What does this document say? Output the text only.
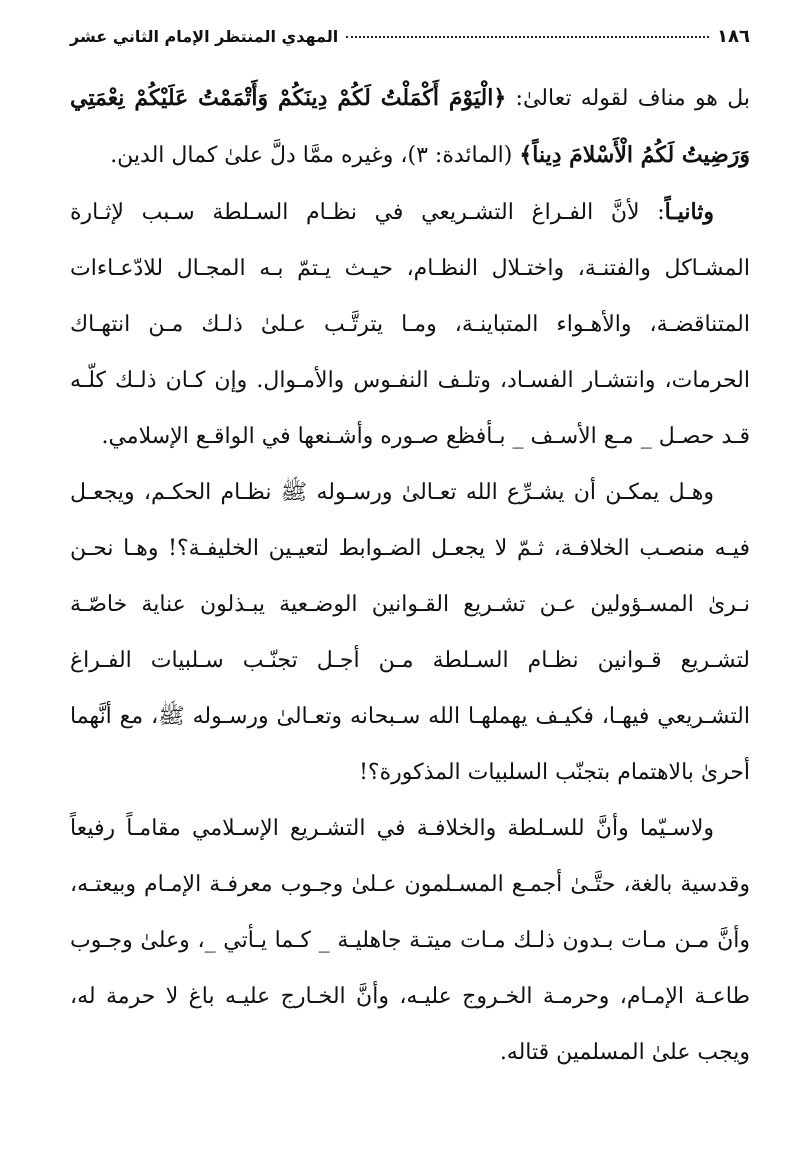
١٨٦
المهدي المنتظر الإمام الثاني عشر

بل هو مناف لقوله تعالىٰ: ﴿الْيَوْمَ أَكْمَلْتُ لَكُمْ دِينَكُمْ وَأَتْمَمْتُ عَلَيْكُمْ نِعْمَتِي وَرَضِيتُ لَكُمُ الْأَسْلامَ دِيناً﴾ (المائدة: ٣)، وغيره ممَّا دلَّ علىٰ كمال الدين.

وثانيـاً: لأنَّ الفـراغ التشـريعي في نظـام السـلطة سـبب لإثـارة المشـاكل والفتنـة، واختـلال النظـام، حيـث يـتمّ بـه المجـال للادّعـاءات المتناقضـة، والأهـواء المتباينـة، ومـا يترتَّـب عـلىٰ ذلـك مـن انتهـاك الحرمات، وانتشـار الفسـاد، وتلـف النفـوس والأمـوال. وإن كـان ذلـك كلّـه قـد حصـل _ مـع الأسـف _ بـأفظع صـوره وأشـنعها في الواقـع الإسلامي.

وهـل يمكـن أن يشـرِّع الله تعـالىٰ ورسـوله ﷺ نظـام الحكـم، ويجعـل فيـه منصـب الخلافـة، ثـمّ لا يجعـل الضـوابط لتعيـين الخليفـة؟! وهـا نحـن نـرىٰ المسـؤولين عـن تشـريع القـوانين الوضـعية يبـذلون عناية خاصّـة لتشـريع قـوانين نظـام السـلطة مـن أجـل تجنّـب سـلبيات الفـراغ التشـريعي فيهـا، فكيـف يهملهـا الله سـبحانه وتعـالىٰ ورسـوله ﷺ، مع أنَّهما أحرىٰ بالاهتمام بتجنّب السلبيات المذكورة؟!

ولاسـيّما وأنَّ للسـلطة والخلافـة في التشـريع الإسـلامي مقامـاً رفيعاً وقدسية بالغة، حتَّـىٰ أجمـع المسـلمون عـلىٰ وجـوب معرفـة الإمـام وبيعتـه، وأنَّ مـن مـات بـدون ذلـك مـات ميتـة جاهليـة _ كـما يـأتي _، وعلىٰ وجـوب طاعـة الإمـام، وحرمـة الخـروج عليـه، وأنَّ الخـارج عليـه باغ لا حرمة له، ويجب علىٰ المسلمين قتاله.
